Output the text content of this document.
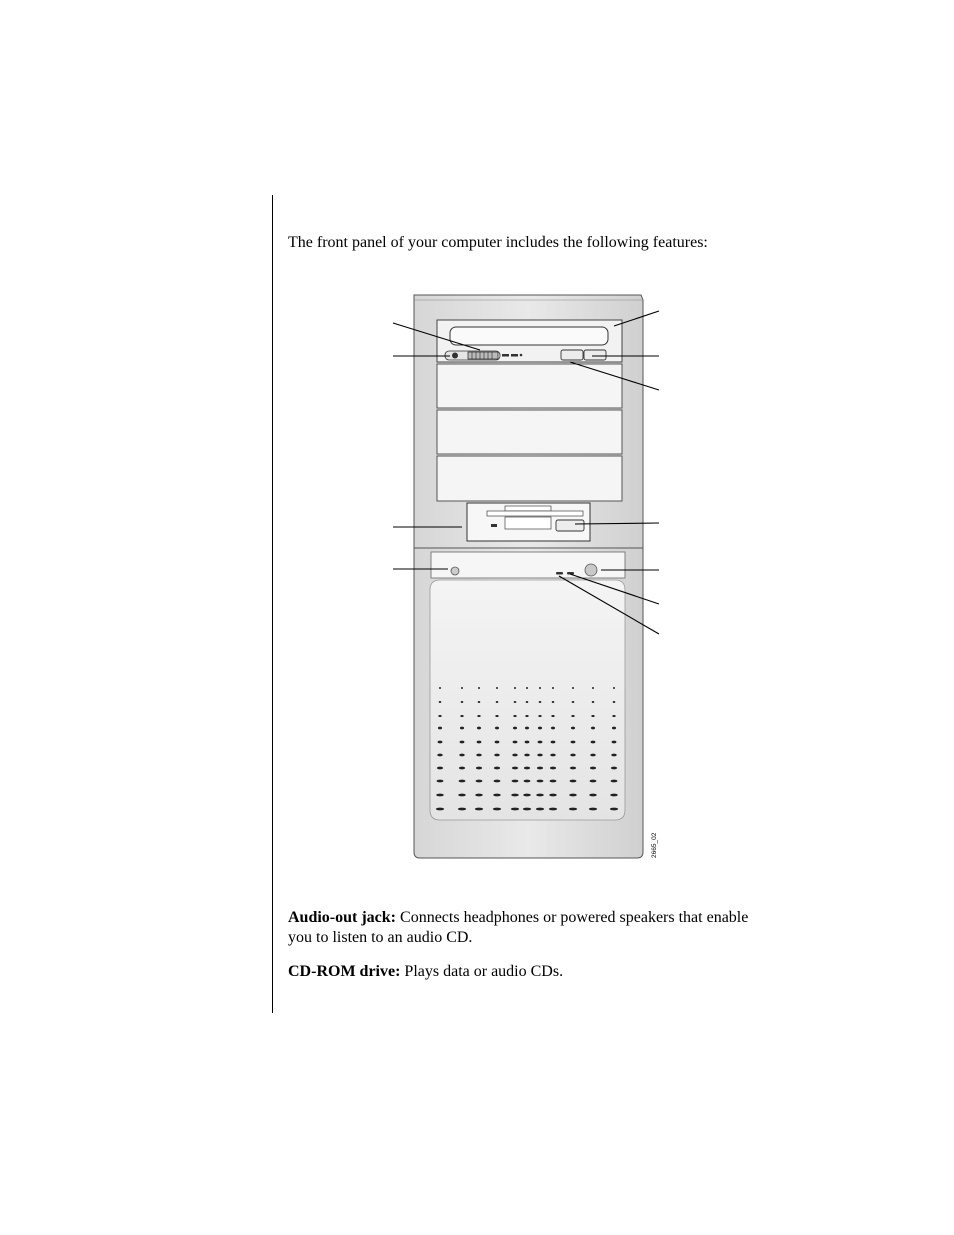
The front panel of your computer includes the following features:

2665_02

Audio-out jack: Connects headphones or powered speakers that enable you to listen to an audio CD.

CD-ROM drive: Plays data or audio CDs.
